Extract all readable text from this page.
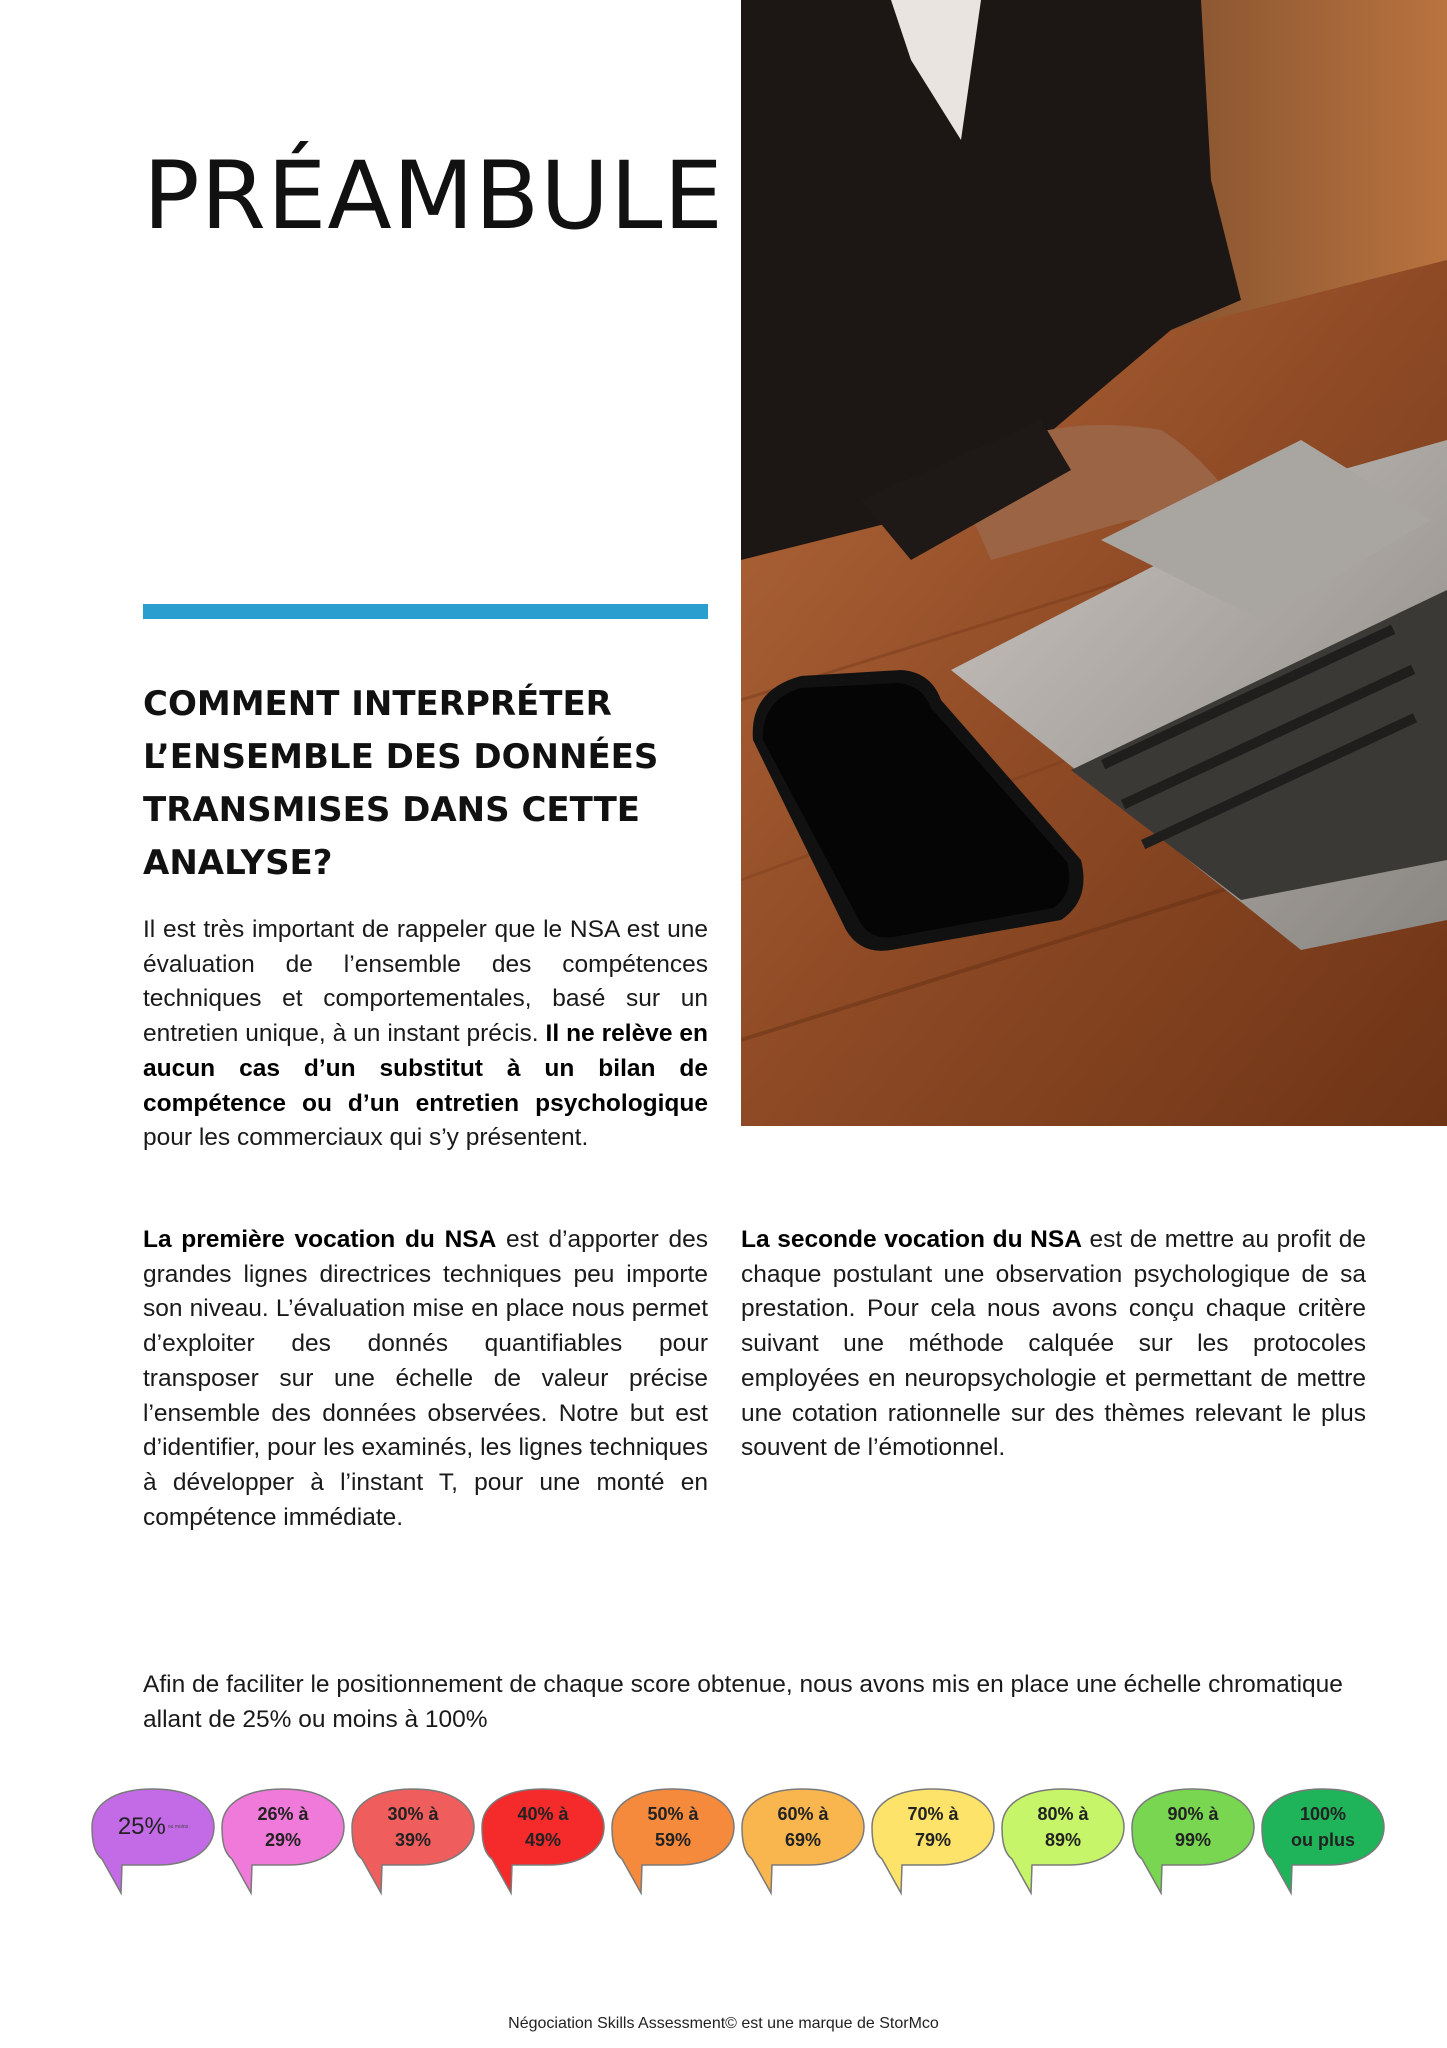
PRÉAMBULE
COMMENT INTERPRÉTER L’ENSEMBLE DES DONNÉES TRANSMISES DANS CETTE ANALYSE?

Il est très important de rappeler que le NSA est une évaluation de l’ensemble des compétences techniques et comportementales, basé sur un entretien unique, à un instant précis. Il ne relève en aucun cas d’un substitut à un bilan de compétence ou d’un entretien psychologique pour les commerciaux qui s’y présentent.

La première vocation du NSA est d’apporter des grandes lignes directrices techniques peu importe son niveau. L’évaluation mise en place nous permet d’exploiter des donnés quantifiables pour transposer sur une échelle de valeur précise l’ensemble des données observées. Notre but est d’identifier, pour les examinés, les lignes techniques à développer à l’instant T, pour une monté en compétence immédiate.

La seconde vocation du NSA est de mettre au profit de chaque postulant une observation psychologique de sa prestation. Pour cela nous avons conçu chaque critère suivant une méthode calquée sur les protocoles employées en neuropsychologie et permettant de mettre une cotation rationnelle sur des thèmes relevant le plus souvent de l’émotionnel.

Afin de faciliter le positionnement de chaque score obtenue, nous avons mis en place une échelle chromatique allant de 25% ou moins à 100%

25% ou moins
26% à
29%
30% à
39%
40% à
49%
50% à
59%
60% à
69%
70% à
79%
80% à
89%
90% à
99%
100%
ou plus
Négociation Skills Assessment© est une marque de StorMco
